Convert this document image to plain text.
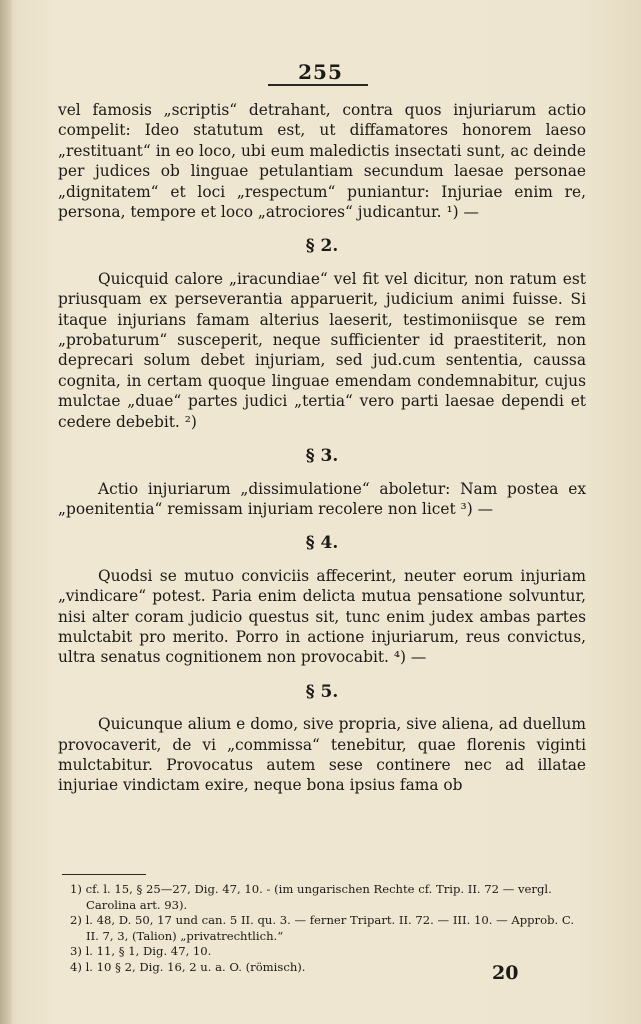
255

vel famosis „scriptis“ detrahant, contra quos injuriarum actio compelit: Ideo statutum est, ut diffamatores honorem laeso „restituant“ in eo loco, ubi eum maledictis insectati sunt, ac deinde per judices ob linguae petulantiam secundum laesae personae „dignitatem“ et loci „respectum“ puniantur: Injuriae enim re, persona, tempore et loco „atrociores“ judicantur. ¹) —

§ 2.

Quicquid calore „iracundiae“ vel fit vel dicitur, non ratum est priusquam ex perseverantia apparuerit, judicium animi fuisse. Si itaque injurians famam alterius laeserit, testimoniisque se rem „probaturum“ susceperit, neque sufficienter id praestiterit, non deprecari solum debet injuriam, sed jud.cum sententia, caussa cognita, in certam quoque linguae emendam condemnabitur, cujus mulctae „duae“ partes judici „tertia“ vero parti laesae dependi et cedere debebit. ²)

§ 3.

Actio injuriarum „dissimulatione“ aboletur: Nam postea ex „poenitentia“ remissam injuriam recolere non licet ³) —

§ 4.

Quodsi se mutuo conviciis affecerint, neuter eorum injuriam „vindicare“ potest. Paria enim delicta mutua pensatione solvuntur, nisi alter coram judicio questus sit, tunc enim judex ambas partes mulctabit pro merito. Porro in actione injuriarum, reus convictus, ultra senatus cognitionem non provocabit. ⁴) —

§ 5.

Quicunque alium e domo, sive propria, sive aliena, ad duellum provocaverit, de vi „commissa“ tenebitur, quae florenis viginti mulctabitur. Provocatus autem sese continere nec ad illatae injuriae vindictam exire, neque bona ipsius fama ob

1) cf. l. 15, § 25—27, Dig. 47, 10. - (im ungarischen Rechte cf. Trip. II. 72 — vergl. Carolina art. 93).

2) l. 48, D. 50, 17 und can. 5 II. qu. 3. — ferner Tripart. II. 72. — III. 10. — Approb. C. II. 7, 3, (Talion) „privatrechtlich.“

3) l. 11, § 1, Dig. 47, 10.

4) l. 10 § 2, Dig. 16, 2 u. a. O. (römisch).	20
